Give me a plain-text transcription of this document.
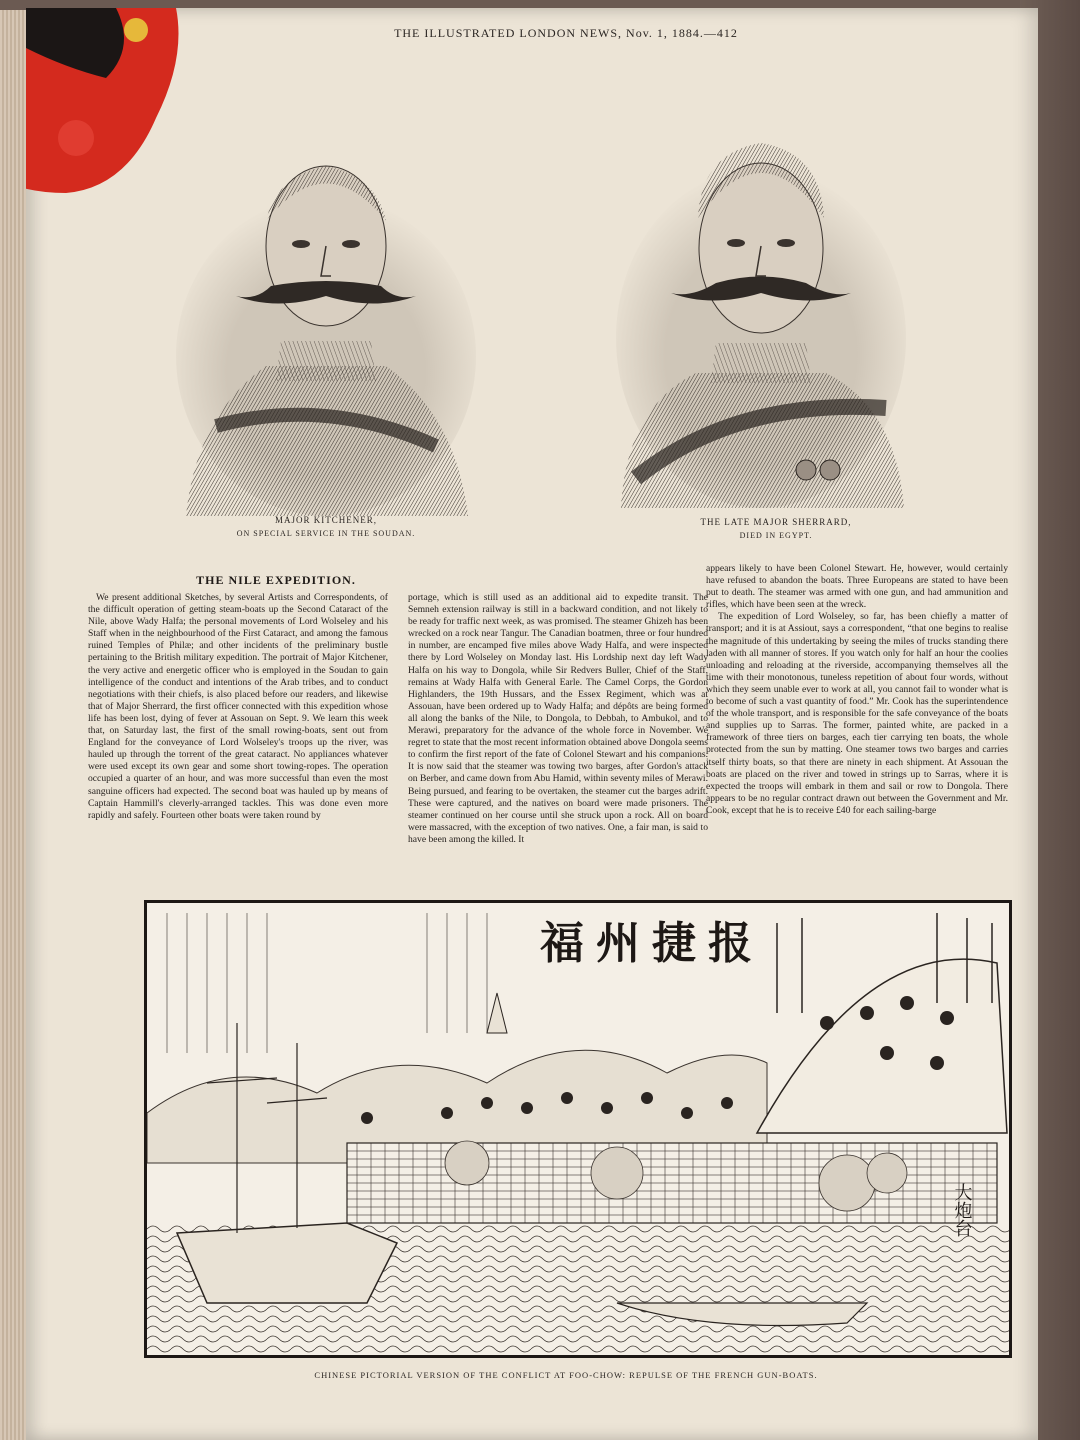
THE ILLUSTRATED LONDON NEWS, Nov. 1, 1884.—412
MAJOR KITCHENER,
ON SPECIAL SERVICE IN THE SOUDAN.
THE LATE MAJOR SHERRARD,
DIED IN EGYPT.
THE NILE EXPEDITION.

We present additional Sketches, by several Artists and Correspondents, of the difficult operation of getting steam-boats up the Second Cataract of the Nile, above Wady Halfa; the personal movements of Lord Wolseley and his Staff when in the neighbourhood of the First Cataract, and among the famous ruined Temples of Philæ; and other incidents of the preliminary bustle pertaining to the British military expedition. The portrait of Major Kitchener, the very active and energetic officer who is employed in the Soudan to gain intelligence of the conduct and intentions of the Arab tribes, and to conduct negotiations with their chiefs, is also placed before our readers, and likewise that of Major Sherrard, the first officer connected with this expedition whose life has been lost, dying of fever at Assouan on Sept. 9. We learn this week that, on Saturday last, the first of the small rowing-boats, sent out from England for the conveyance of Lord Wolseley's troops up the river, was hauled up through the torrent of the great cataract. No appliances whatever were used except its own gear and some short towing-ropes. The operation occupied a quarter of an hour, and was more successful than even the most sanguine officers had expected. The second boat was hauled up by means of Captain Hammill's cleverly-arranged tackles. This was done even more rapidly and safely. Fourteen other boats were taken round by

portage, which is still used as an additional aid to expedite transit. The Semneh extension railway is still in a backward condition, and not likely to be ready for traffic next week, as was promised. The steamer Ghizeh has been wrecked on a rock near Tangur. The Canadian boatmen, three or four hundred in number, are encamped five miles above Wady Halfa, and were inspected there by Lord Wolseley on Monday last. His Lordship next day left Wady Halfa on his way to Dongola, while Sir Redvers Buller, Chief of the Staff, remains at Wady Halfa with General Earle. The Camel Corps, the Gordon Highlanders, the 19th Hussars, and the Essex Regiment, which was at Assouan, have been ordered up to Wady Halfa; and dépôts are being formed all along the banks of the Nile, to Dongola, to Debbah, to Ambukol, and to Merawi, preparatory for the advance of the whole force in November. We regret to state that the most recent information obtained above Dongola seems to confirm the first report of the fate of Colonel Stewart and his companions. It is now said that the steamer was towing two barges, after Gordon's attack on Berber, and came down from Abu Hamid, within seventy miles of Merawi. Being pursued, and fearing to be overtaken, the steamer cut the barges adrift. These were captured, and the natives on board were made prisoners. The steamer continued on her course until she struck upon a rock. All on board were massacred, with the exception of two natives. One, a fair man, is said to have been among the killed. It

appears likely to have been Colonel Stewart. He, however, would certainly have refused to abandon the boats. Three Europeans are stated to have been put to death. The steamer was armed with one gun, and had ammunition and rifles, which have been seen at the wreck.

The expedition of Lord Wolseley, so far, has been chiefly a matter of transport; and it is at Assiout, says a correspondent, “that one begins to realise the magnitude of this undertaking by seeing the miles of trucks standing there laden with all manner of stores. If you watch only for half an hour the coolies unloading and reloading at the riverside, accompanying themselves all the time with their monotonous, tuneless repetition of about four words, without which they seem unable ever to work at all, you cannot fail to wonder what is to become of such a vast quantity of food.” Mr. Cook has the superintendence of the whole transport, and is responsible for the safe conveyance of the boats and supplies up to Sarras. The former, painted white, are packed in a framework of three tiers on barges, each tier carrying ten boats, the whole protected from the sun by matting. One steamer tows two barges and carries itself thirty boats, so that there are ninety in each shipment. At Assouan the boats are placed on the river and towed in strings up to Sarras, where it is expected the troops will embark in them and sail or row to Dongola. There appears to be no regular contract drawn out between the Government and Mr. Cook, except that he is to receive £40 for each sailing-barge

福州捷报
大炮台
CHINESE PICTORIAL VERSION OF THE CONFLICT AT FOO-CHOW: REPULSE OF THE FRENCH GUN-BOATS.
